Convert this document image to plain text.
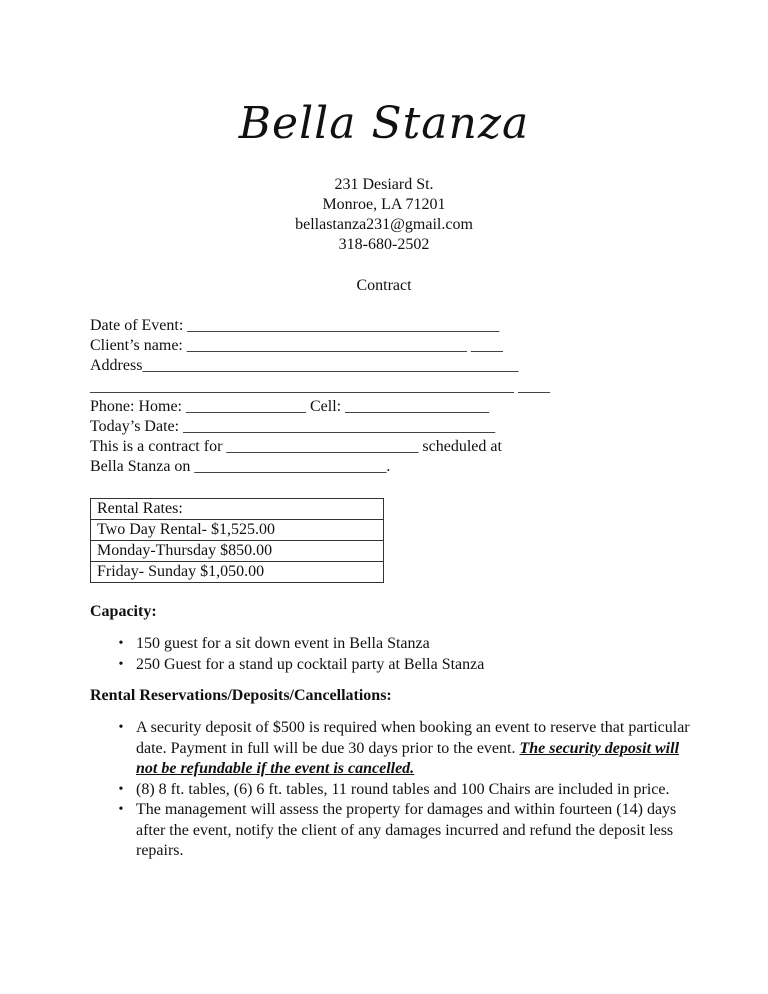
Bella Stanza
231 Desiard St.
Monroe, LA 71201
bellastanza231@gmail.com
318-680-2502
Contract
Date of Event: _______________________________________
Client’s name: ___________________________________ ____
Address_______________________________________________
_____________________________________________________ ____
Phone: Home: _______________ Cell: __________________
Today’s Date: _______________________________________
This is a contract for ________________________ scheduled at
Bella Stanza on ________________________.
Rental Rates:
Two Day Rental- $1,525.00
Monday-Thursday $850.00
Friday- Sunday $1,050.00
Capacity:
• 150 guest for a sit down event in Bella Stanza
• 250 Guest for a stand up cocktail party at Bella Stanza
Rental Reservations/Deposits/Cancellations:
• A security deposit of $500 is required when booking an event to reserve that particular date. Payment in full will be due 30 days prior to the event. The security deposit will not be refundable if the event is cancelled.
• (8) 8 ft. tables, (6) 6 ft. tables, 11 round tables and 100 Chairs are included in price.
• The management will assess the property for damages and within fourteen (14) days after the event, notify the client of any damages incurred and refund the deposit less repairs.
